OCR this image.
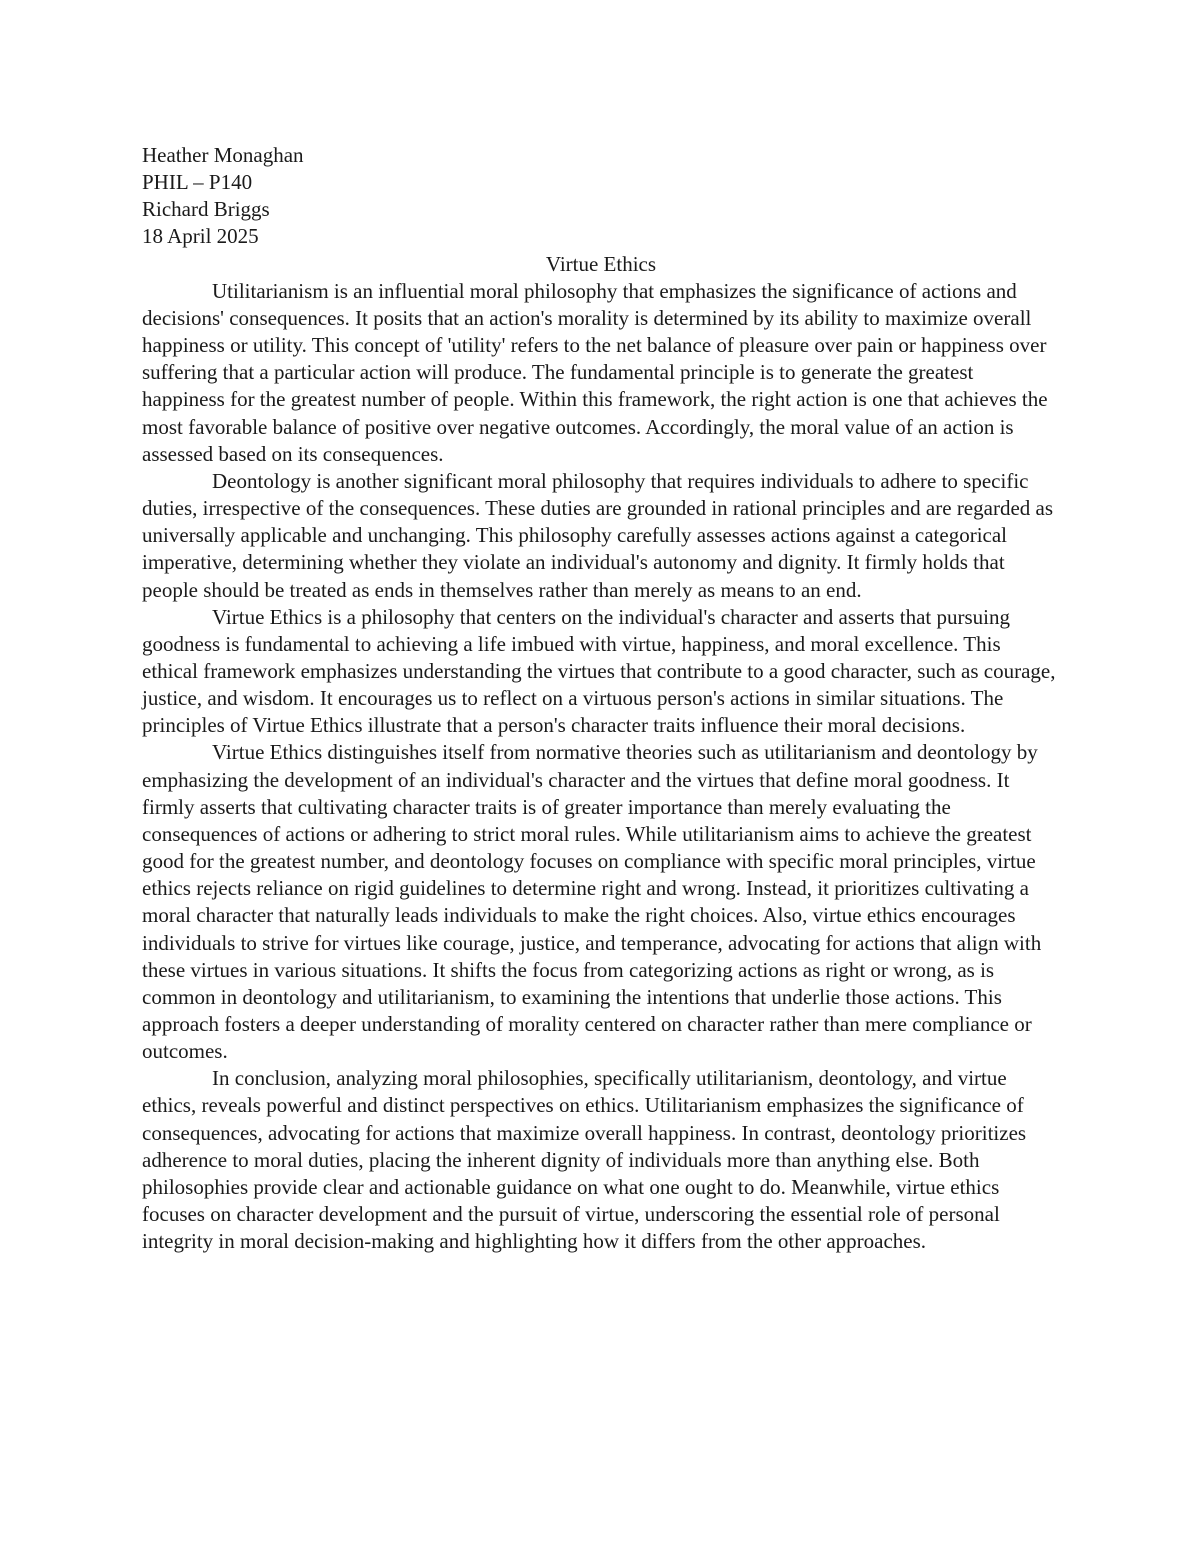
Heather Monaghan
PHIL – P140
Richard Briggs
18 April 2025
Virtue Ethics

Utilitarianism is an influential moral philosophy that emphasizes the significance of actions and decisions' consequences. It posits that an action's morality is determined by its ability to maximize overall happiness or utility. This concept of 'utility' refers to the net balance of pleasure over pain or happiness over suffering that a particular action will produce. The fundamental principle is to generate the greatest happiness for the greatest number of people. Within this framework, the right action is one that achieves the most favorable balance of positive over negative outcomes. Accordingly, the moral value of an action is assessed based on its consequences.

Deontology is another significant moral philosophy that requires individuals to adhere to specific duties, irrespective of the consequences. These duties are grounded in rational principles and are regarded as universally applicable and unchanging. This philosophy carefully assesses actions against a categorical imperative, determining whether they violate an individual's autonomy and dignity. It firmly holds that people should be treated as ends in themselves rather than merely as means to an end.

Virtue Ethics is a philosophy that centers on the individual's character and asserts that pursuing goodness is fundamental to achieving a life imbued with virtue, happiness, and moral excellence. This ethical framework emphasizes understanding the virtues that contribute to a good character, such as courage, justice, and wisdom. It encourages us to reflect on a virtuous person's actions in similar situations. The principles of Virtue Ethics illustrate that a person's character traits influence their moral decisions.

Virtue Ethics distinguishes itself from normative theories such as utilitarianism and deontology by emphasizing the development of an individual's character and the virtues that define moral goodness. It firmly asserts that cultivating character traits is of greater importance than merely evaluating the consequences of actions or adhering to strict moral rules. While utilitarianism aims to achieve the greatest good for the greatest number, and deontology focuses on compliance with specific moral principles, virtue ethics rejects reliance on rigid guidelines to determine right and wrong. Instead, it prioritizes cultivating a moral character that naturally leads individuals to make the right choices. Also, virtue ethics encourages individuals to strive for virtues like courage, justice, and temperance, advocating for actions that align with these virtues in various situations. It shifts the focus from categorizing actions as right or wrong, as is common in deontology and utilitarianism, to examining the intentions that underlie those actions. This approach fosters a deeper understanding of morality centered on character rather than mere compliance or outcomes.

In conclusion, analyzing moral philosophies, specifically utilitarianism, deontology, and virtue ethics, reveals powerful and distinct perspectives on ethics. Utilitarianism emphasizes the significance of consequences, advocating for actions that maximize overall happiness. In contrast, deontology prioritizes adherence to moral duties, placing the inherent dignity of individuals more than anything else. Both philosophies provide clear and actionable guidance on what one ought to do. Meanwhile, virtue ethics focuses on character development and the pursuit of virtue, underscoring the essential role of personal integrity in moral decision-making and highlighting how it differs from the other approaches.
